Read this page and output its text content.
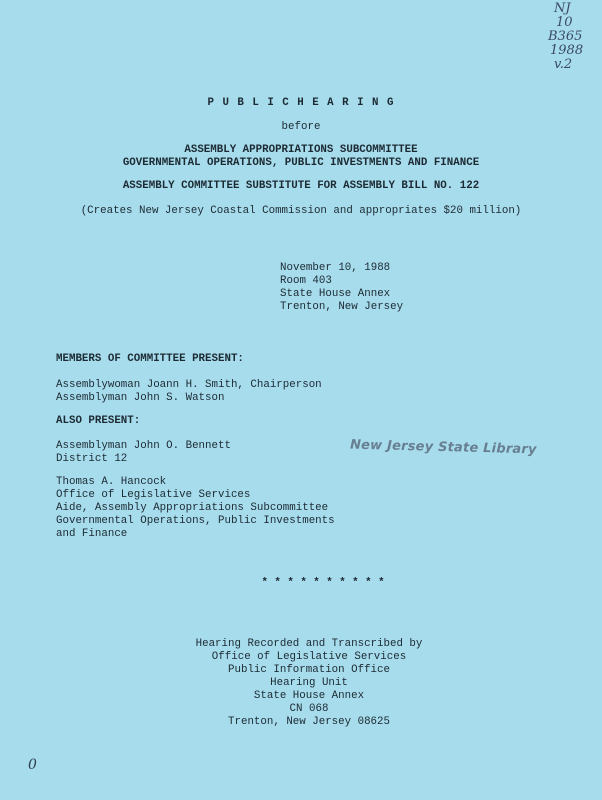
NJ
10
B365
1988
v.2
P U B L I C H E A R I N G
before
ASSEMBLY APPROPRIATIONS SUBCOMMITTEE
GOVERNMENTAL OPERATIONS, PUBLIC INVESTMENTS AND FINANCE
ASSEMBLY COMMITTEE SUBSTITUTE FOR ASSEMBLY BILL NO. 122
(Creates New Jersey Coastal Commission and appropriates $20 million)
November 10, 1988
Room 403
State House Annex
Trenton, New Jersey
MEMBERS OF COMMITTEE PRESENT:
Assemblywoman Joann H. Smith, Chairperson
Assemblyman John S. Watson
ALSO PRESENT:
Assemblyman John O. Bennett
District 12
New Jersey State Library
Thomas A. Hancock
Office of Legislative Services
Aide, Assembly Appropriations Subcommittee
Governmental Operations, Public Investments
and Finance
* * * * * * * * * *
Hearing Recorded and Transcribed by
Office of Legislative Services
Public Information Office
Hearing Unit
State House Annex
CN 068
Trenton, New Jersey 08625
0
